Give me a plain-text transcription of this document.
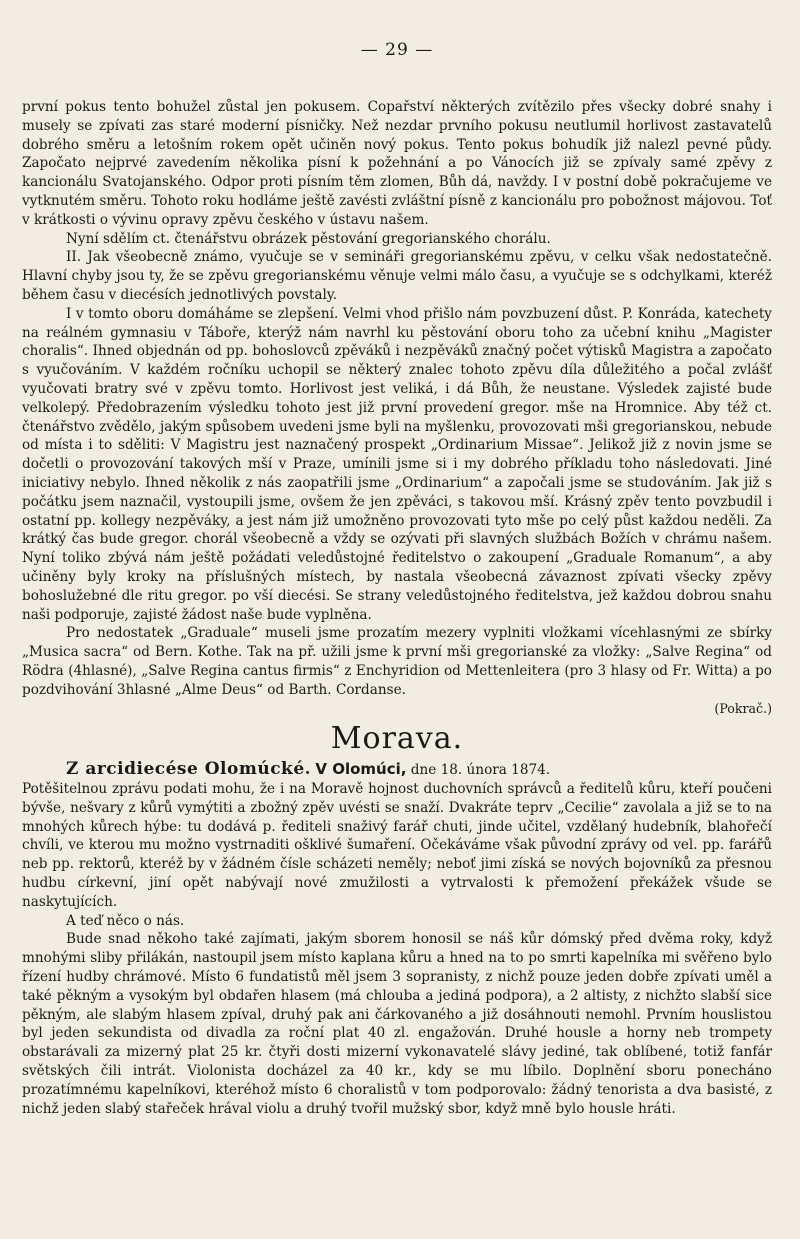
— 29 —

první pokus tento bohužel zůstal jen pokusem. Copařství některých zvítězilo přes všecky dobré snahy i musely se zpívati zas staré moderní písničky. Než nezdar prvního pokusu neutlumil horlivost zastavatelů dobrého směru a letošním rokem opět učiněn nový pokus. Tento pokus bohudík již nalezl pevné půdy. Započato nejprvé zavedením několika písní k požehnání a po Vánocích již se zpívaly samé zpěvy z kancionálu Svatojanského. Odpor proti písním těm zlomen, Bůh dá, navždy. I v postní době pokračujeme ve vytknutém směru. Tohoto roku hodláme ještě zavésti zvláštní písně z kancionálu pro pobožnost májovou. Toť v krátkosti o vývinu opravy zpěvu českého v ústavu našem.

Nyní sdělím ct. čtenářstvu obrázek pěstování gregorianského chorálu.

II. Jak všeobecně známo, vyučuje se v semináři gregorianskému zpěvu, v celku však nedostatečně. Hlavní chyby jsou ty, že se zpěvu gregorianskému věnuje velmi málo času, a vyučuje se s odchylkami, kteréž během času v diecésích jednotlivých povstaly.

I v tomto oboru domáháme se zlepšení. Velmi vhod přišlo nám povzbuzení důst. P. Konráda, katechety na reálném gymnasiu v Táboře, kterýž nám navrhl ku pěstování oboru toho za učební knihu „Magister choralis“. Ihned objednán od pp. bohoslovců zpěváků i nezpěváků značný počet výtisků Magistra a započato s vyučováním. V každém ročníku uchopil se některý znalec tohoto zpěvu díla důležitého a počal zvlášť vyučovati bratry své v zpěvu tomto. Horlivost jest veliká, i dá Bůh, že neustane. Výsledek zajisté bude velkolepý. Předobrazením výsledku tohoto jest již první provedení gregor. mše na Hromnice. Aby též ct. čtenářstvo zvědělo, jakým spůsobem uvedeni jsme byli na myšlenku, provozovati mši gregorianskou, nebude od místa i to sděliti: V Magistru jest naznačený prospekt „Ordinarium Missae“. Jelikož již z novin jsme se dočetli o provozování takových mší v Praze, umínili jsme si i my dobrého příkladu toho následovati. Jiné iniciativy nebylo. Ihned několik z nás zaopatřili jsme „Ordinarium“ a započali jsme se studováním. Jak již s počátku jsem naznačil, vystoupili jsme, ovšem že jen zpěváci, s takovou mší. Krásný zpěv tento povzbudil i ostatní pp. kollegy nezpěváky, a jest nám již umožněno provozovati tyto mše po celý půst každou neděli. Za krátký čas bude gregor. chorál všeobecně a vždy se ozývati při slavných službách Božích v chrámu našem. Nyní toliko zbývá nám ještě požádati veledůstojné ředitelstvo o zakoupení „Graduale Romanum“, a aby učiněny byly kroky na příslušných místech, by nastala všeobecná závaznost zpívati všecky zpěvy bohoslužebné dle ritu gregor. po vší diecési. Se strany veledůstojného ředitelstva, jež každou dobrou snahu naši podporuje, zajisté žádost naše bude vyplněna.

Pro nedostatek „Graduale“ museli jsme prozatím mezery vyplniti vložkami vícehlasnými ze sbírky „Musica sacra“ od Bern. Kothe. Tak na př. užili jsme k první mši gregorianské za vložky: „Salve Regina“ od Rödra (4hlasné), „Salve Regina cantus firmis“ z Enchyridion od Mettenleitera (pro 3 hlasy od Fr. Witta) a po pozdvihování 3hlasné „Alme Deus“ od Barth. Cordanse.

(Pokrač.)

Morava.

Z arcidiecése Olomúcké. V Olomúci, dne 18. února 1874.

Potěšitelnou zprávu podati mohu, že i na Moravě hojnost duchovních správců a ředitelů kůru, kteří poučeni bývše, nešvary z kůrů vymýtiti a zbožný zpěv uvésti se snaží. Dvakráte teprv „Cecilie“ zavolala a již se to na mnohých kůrech hýbe: tu dodává p. řediteli snaživý farář chuti, jinde učitel, vzdělaný hudebník, blahořečí chvíli, ve kterou mu možno vystrnaditi ošklivé šumaření. Očekáváme však původní zprávy od vel. pp. farářů neb pp. rektorů, kteréž by v žádném čísle scházeti neměly; neboť jimi získá se nových bojovníků za přesnou hudbu církevní, jiní opět nabývají nové zmužilosti a vytrvalosti k přemožení překážek všude se naskytujících.

A teď něco o nás.

Bude snad někoho také zajímati, jakým sborem honosil se náš kůr dómský před dvěma roky, když mnohými sliby přilákán, nastoupil jsem místo kaplana kůru a hned na to po smrti kapelníka mi svěřeno bylo řízení hudby chrámové. Místo 6 fundatistů měl jsem 3 sopranisty, z nichž pouze jeden dobře zpívati uměl a také pěkným a vysokým byl obdařen hlasem (má chlouba a jediná podpora), a 2 altisty, z nichžto slabší sice pěkným, ale slabým hlasem zpíval, druhý pak ani čárkovaného a již dosáhnouti nemohl. Prvním houslistou byl jeden sekundista od divadla za roční plat 40 zl. engažován. Druhé housle a horny neb trompety obstarávali za mizerný plat 25 kr. čtyři dosti mizerní vykonavatelé slávy jediné, tak oblíbené, totiž fanfár světských čili intrát. Violonista docházel za 40 kr., kdy se mu líbilo. Doplnění sboru ponecháno prozatímnému kapelníkovi, kteréhož místo 6 choralistů v tom podporovalo: žádný tenorista a dva basisté, z nichž jeden slabý stařeček hrával violu a druhý tvořil mužský sbor, když mně bylo housle hráti.
